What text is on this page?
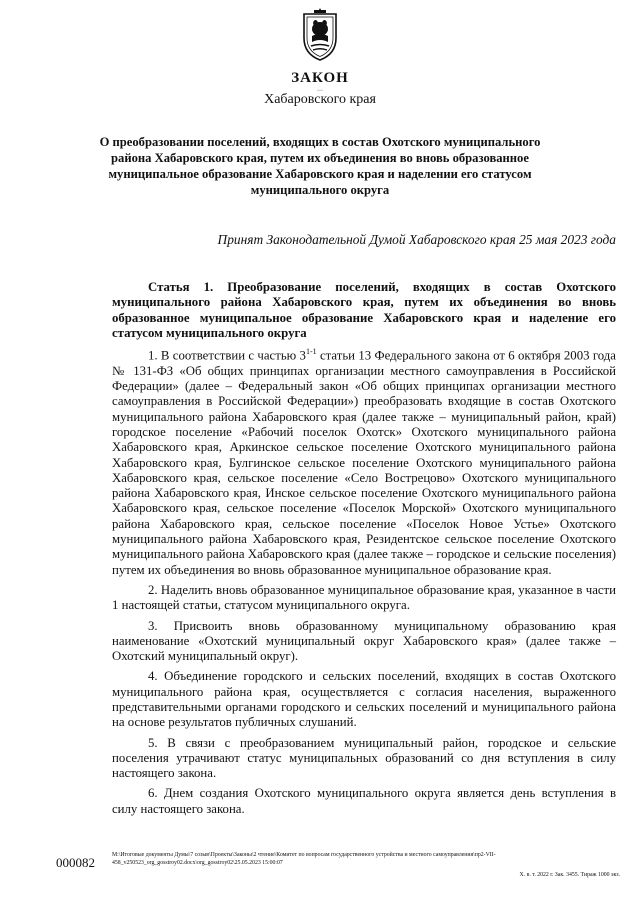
ЗАКОН
﹏
Хабаровского края
О преобразовании поселений, входящих в состав Охотского муниципального района Хабаровского края, путем их объединения во вновь образованное муниципальное образование Хабаровского края и наделении его статусом муниципального округа
Принят Законодательной Думой Хабаровского края 25 мая 2023 года

Статья 1. Преобразование поселений, входящих в состав Охотского муниципального района Хабаровского края, путем их объединения во вновь образованное муниципальное образование Хабаровского края и наделение его статусом муниципального округа

1. В соответствии с частью 3$^{1-1}$ статьи 13 Федерального закона от 6 октября 2003 года № 131-ФЗ «Об общих принципах организации местного самоуправления в Российской Федерации» (далее – Федеральный закон «Об общих принципах организации местного самоуправления в Российской Федерации») преобразовать входящие в состав Охотского муниципального района Хабаровского края (далее также – муниципальный район, край) городское поселение «Рабочий поселок Охотск» Охотского муниципального района Хабаровского края, Аркинское сельское поселение Охотского муниципального района Хабаровского края, Булгинское сельское поселение Охотского муниципального района Хабаровского края, сельское поселение «Село Вострецово» Охотского муниципального района Хабаровского края, Инское сельское поселение Охотского муниципального района Хабаровского края, сельское поселение «Поселок Морской» Охотского муниципального района Хабаровского края, сельское поселение «Поселок Новое Устье» Охотского муниципального района Хабаровского края, Резидентское сельское поселение Охотского муниципального района Хабаровского края (далее также – городское и сельские поселения) путем их объединения во вновь образованное муниципальное образование края.

2. Наделить вновь образованное муниципальное образование края, указанное в части 1 настоящей статьи, статусом муниципального округа.

3. Присвоить вновь образованному муниципальному образованию края наименование «Охотский муниципальный округ Хабаровского края» (далее также – Охотский муниципальный округ).

4. Объединение городского и сельских поселений, входящих в состав Охотского муниципального района края, осуществляется с согласия населения, выраженного представительными органами городского и сельских поселений и муниципального района на основе результатов публичных слушаний.

5. В связи с преобразованием муниципальный район, городское и сельские поселения утрачивают статус муниципальных образований со дня вступления в силу настоящего закона.

6. Днем создания Охотского муниципального округа является день вступления в силу настоящего закона.

000082	M:\Итоговые документы Думы\7 созыв\Проекты\Законы\2 чтение\Комитет по вопросам государственного устройства и местного самоуправления\пр2-VII-458_v250523_org_gosstroy02.docx\org_gosstroy02\25.05.2023 15:00:07
Х. в. т. 2022 г. Зак. 3455. Тираж 1000 экз.
